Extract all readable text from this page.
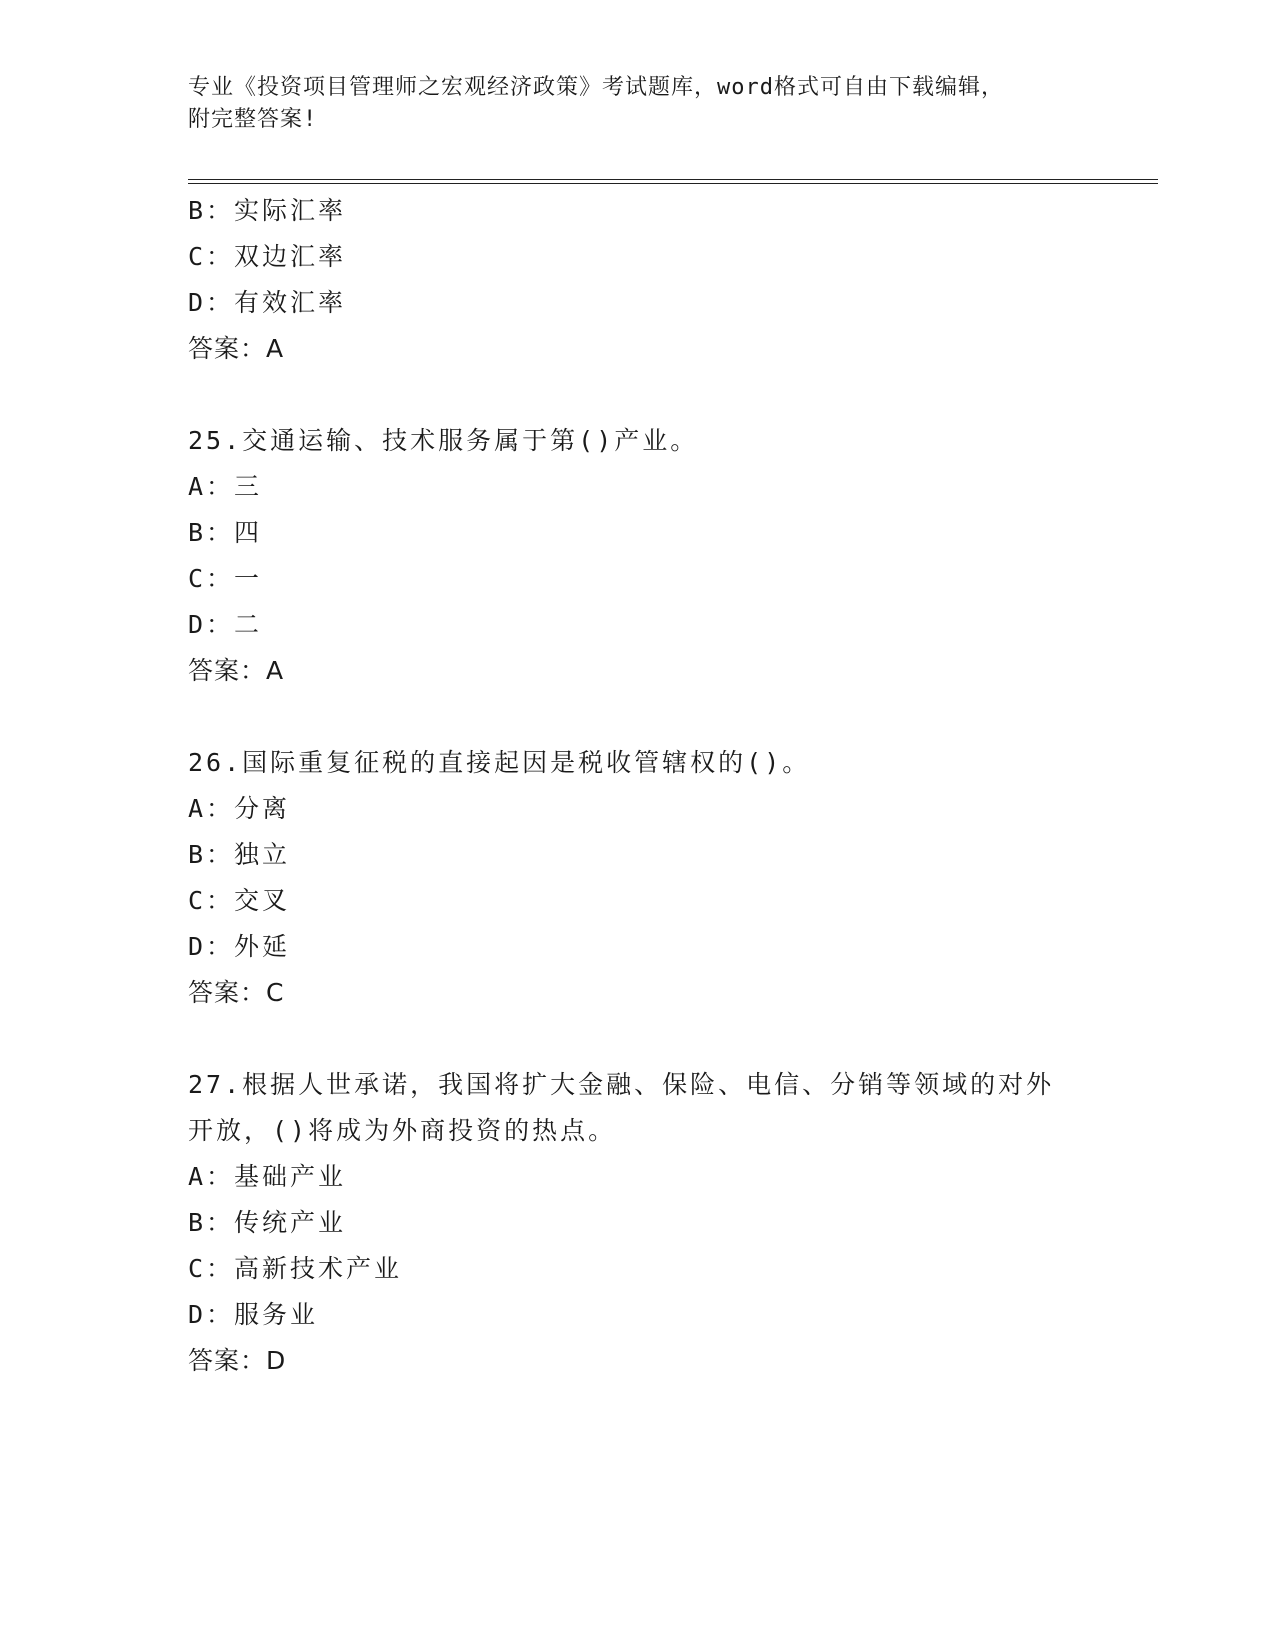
专业《投资项目管理师之宏观经济政策》考试题库，word格式可自由下载编辑，
附完整答案!
B：实际汇率
C：双边汇率
D：有效汇率
答案：A
25.交通运输、技术服务属于第()产业。
A：三
B：四
C：一
D：二
答案：A
26.国际重复征税的直接起因是税收管辖权的()。
A：分离
B：独立
C：交叉
D：外延
答案：C
27.根据人世承诺，我国将扩大金融、保险、电信、分销等领域的对外
开放，()将成为外商投资的热点。
A：基础产业
B：传统产业
C：高新技术产业
D：服务业
答案：D
